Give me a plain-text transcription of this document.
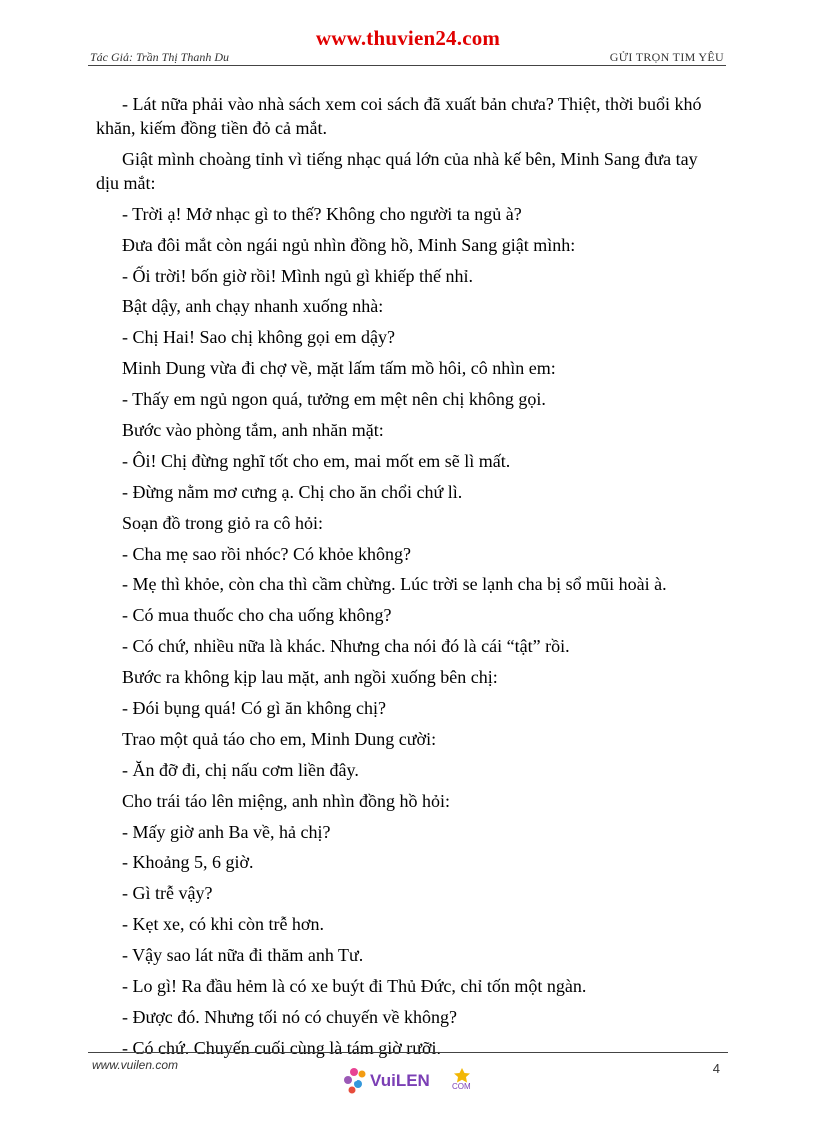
www.thuvien24.com
Tác Giả: Trần Thị Thanh Du	GỬI TRỌN TIM YÊU

- Lát nữa phải vào nhà sách xem coi sách đã xuất bản chưa? Thiệt, thời buổi khó khăn, kiếm đồng tiền đỏ cả mắt.

Giật mình choàng tỉnh vì tiếng nhạc quá lớn của nhà kế bên, Minh Sang đưa tay dịu mắt:

- Trời ạ! Mở nhạc gì to thế? Không cho người ta ngủ à?

Đưa đôi mắt còn ngái ngủ nhìn đồng hồ, Minh Sang giật mình:

- Ối trời! bốn giờ rồi! Mình ngủ gì khiếp thế nhỉ.

Bật dậy, anh chạy nhanh xuống nhà:

- Chị Hai! Sao chị không gọi em dậy?

Minh Dung vừa đi chợ về, mặt lấm tấm mồ hôi, cô nhìn em:

- Thấy em ngủ ngon quá, tưởng em mệt nên chị không gọi.

Bước vào phòng tắm, anh nhăn mặt:

- Ôi! Chị đừng nghĩ tốt cho em, mai mốt em sẽ lì mất.

- Đừng nằm mơ cưng ạ. Chị cho ăn chổi chứ lì.

Soạn đồ trong giỏ ra cô hỏi:

- Cha mẹ sao rồi nhóc? Có khỏe không?

- Mẹ thì khỏe, còn cha thì cầm chừng. Lúc trời se lạnh cha bị sổ mũi hoài à.

- Có mua thuốc cho cha uống không?

- Có chứ, nhiều nữa là khác. Nhưng cha nói đó là cái “tật” rồi.

Bước ra không kịp lau mặt, anh ngồi xuống bên chị:

- Đói bụng quá! Có gì ăn không chị?

Trao một quả táo cho em, Minh Dung cười:

- Ăn đỡ đi, chị nấu cơm liền đây.

Cho trái táo lên miệng, anh nhìn đồng hồ hỏi:

- Mấy giờ anh Ba về, hả chị?

- Khoảng 5, 6 giờ.

- Gì trễ vậy?

- Kẹt xe, có khi còn trễ hơn.

- Vậy sao lát nữa đi thăm anh Tư.

- Lo gì! Ra đầu hẻm là có xe buýt đi Thủ Đức, chỉ tốn một ngàn.

- Được đó. Nhưng tối nó có chuyến về không?

- Có chứ. Chuyến cuối cùng là tám giờ rưỡi.

www.vuilen.com
VuiLEN	COM
4
